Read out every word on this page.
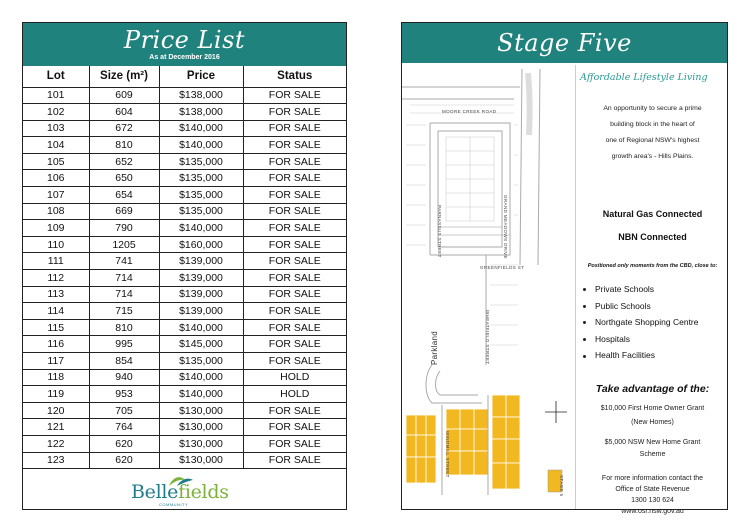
Price List
As at December 2016
Lot	Size (m²)	Price	Status
101	609	$138,000	FOR SALE
102	604	$138,000	FOR SALE
103	672	$140,000	FOR SALE
104	810	$140,000	FOR SALE
105	652	$135,000	FOR SALE
106	650	$135,000	FOR SALE
107	654	$135,000	FOR SALE
108	669	$135,000	FOR SALE
109	790	$140,000	FOR SALE
110	1205	$160,000	FOR SALE
111	741	$139,000	FOR SALE
112	714	$139,000	FOR SALE
113	714	$139,000	FOR SALE
114	715	$139,000	FOR SALE
115	810	$140,000	FOR SALE
116	995	$145,000	FOR SALE
117	854	$135,000	FOR SALE
118	940	$140,000	HOLD
119	953	$140,000	HOLD
120	705	$130,000	FOR SALE
121	764	$130,000	FOR SALE
122	620	$130,000	FOR SALE
123	620	$130,000	FOR SALE
Bellefields
COMMUNITY
Stage Five
MOORE CREEK ROAD
GRAND MEADOWS DRIVE
GREENFIELDS ST
PARNASSUS STREET
WHEATFIELD STREET
WINDMILL STREET
STAGE 5
Parkland
Affordable Lifestyle Living
An opportunity to secure a prime
building block in the heart of
one of Regional NSW's highest
growth area's - Hills Plains.
Natural Gas Connected
NBN Connected
Positioned only moments from the CBD, close to:
Private Schools
Public Schools
Northgate Shopping Centre
Hospitals
Health Facilities
Take advantage of the:
$10,000 First Home Owner Grant
(New Homes)
$5,000 NSW New Home Grant
Scheme
For more information contact the
Office of State Revenue
1300 130 624
www.osr.nsw.gov.au
